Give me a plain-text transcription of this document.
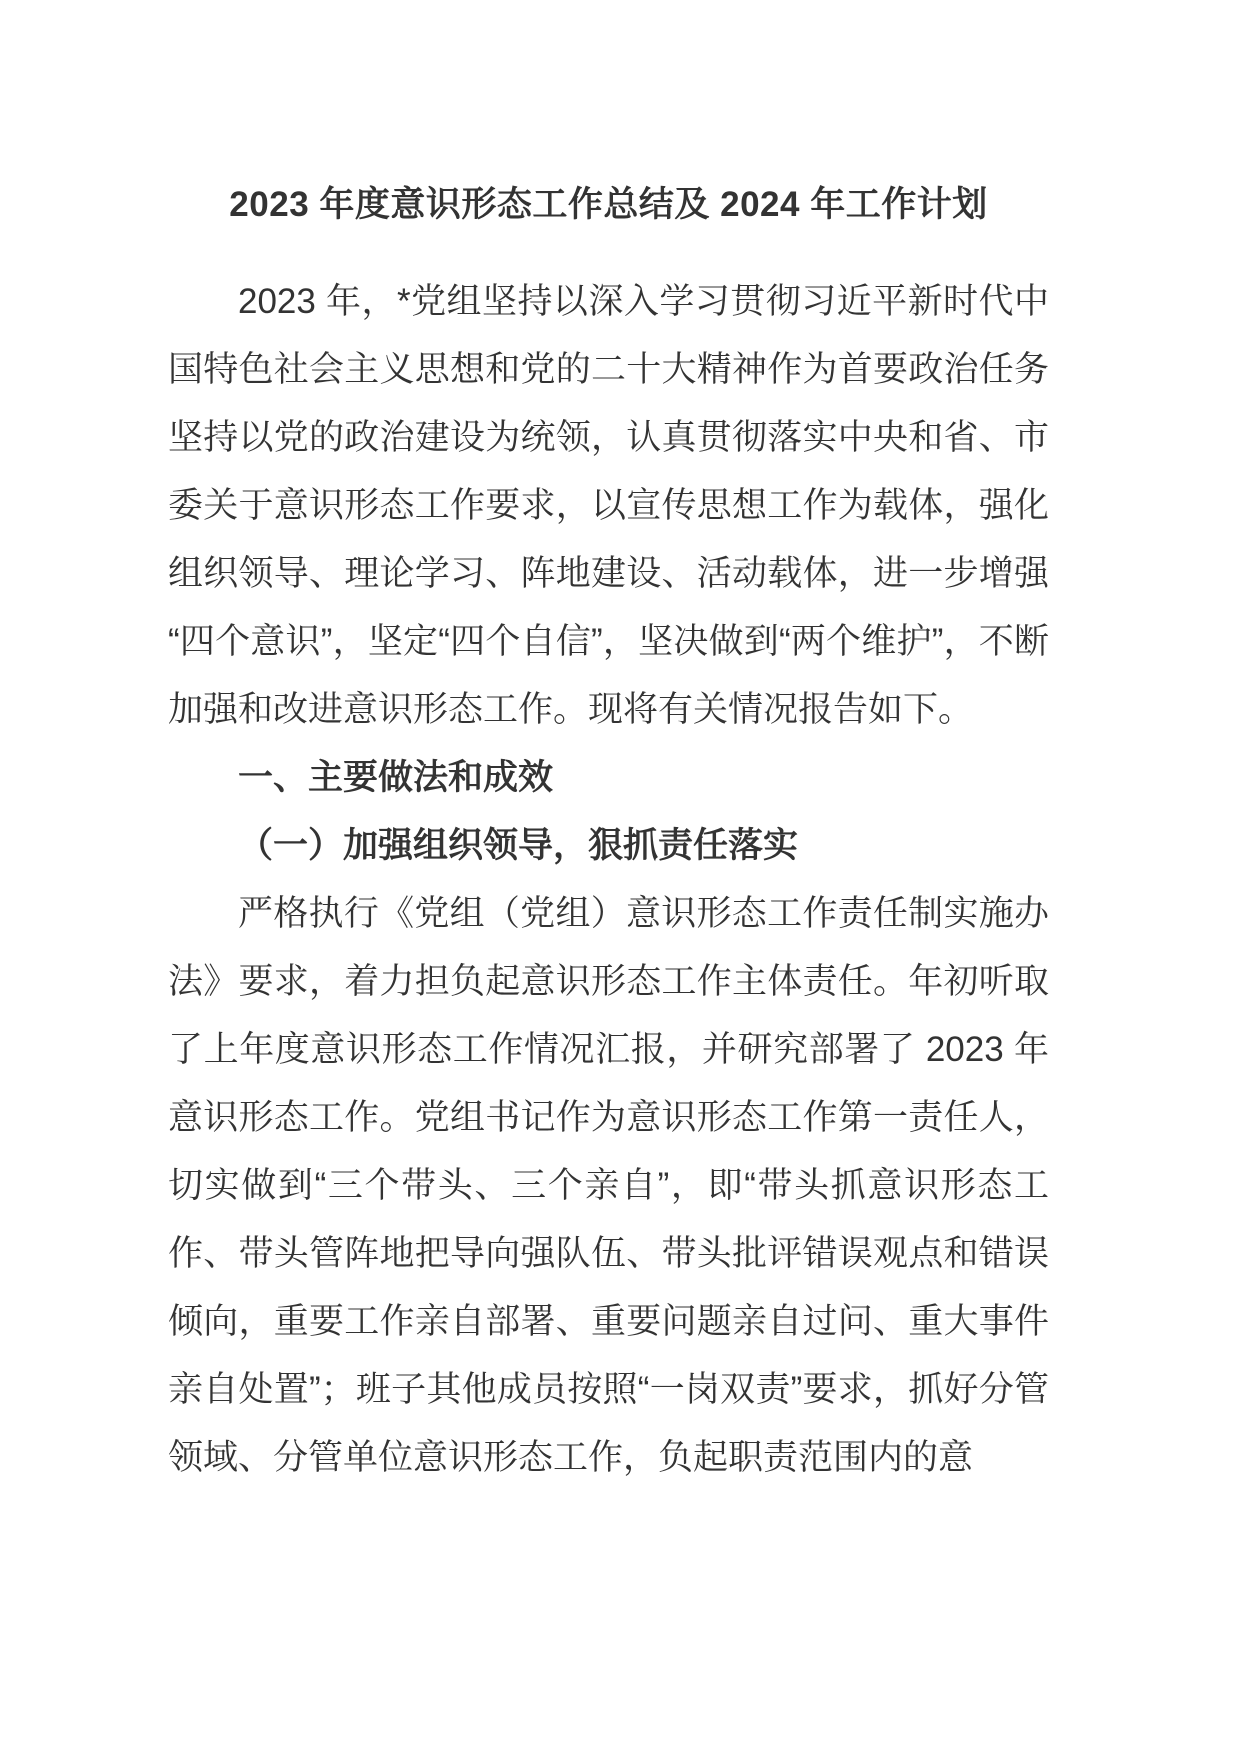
2023 年度意识形态工作总结及 2024 年工作计划

2023 年，*党组坚持以深入学习贯彻习近平新时代中国特色社会主义思想和党的二十大精神作为首要政治任务坚持以党的政治建设为统领，认真贯彻落实中央和省、市委关于意识形态工作要求，以宣传思想工作为载体，强化组织领导、理论学习、阵地建设、活动载体，进一步增强“四个意识”，坚定“四个自信”，坚决做到“两个维护”，不断加强和改进意识形态工作。现将有关情况报告如下。

一、主要做法和成效
（一）加强组织领导，狠抓责任落实

严格执行《党组（党组）意识形态工作责任制实施办法》要求，着力担负起意识形态工作主体责任。年初听取了上年度意识形态工作情况汇报，并研究部署了 2023 年意识形态工作。党组书记作为意识形态工作第一责任人，切实做到“三个带头、三个亲自”，即“带头抓意识形态工作、带头管阵地把导向强队伍、带头批评错误观点和错误倾向，重要工作亲自部署、重要问题亲自过问、重大事件亲自处置”；班子其他成员按照“一岗双责”要求，抓好分管领域、分管单位意识形态工作，负起职责范围内的意
